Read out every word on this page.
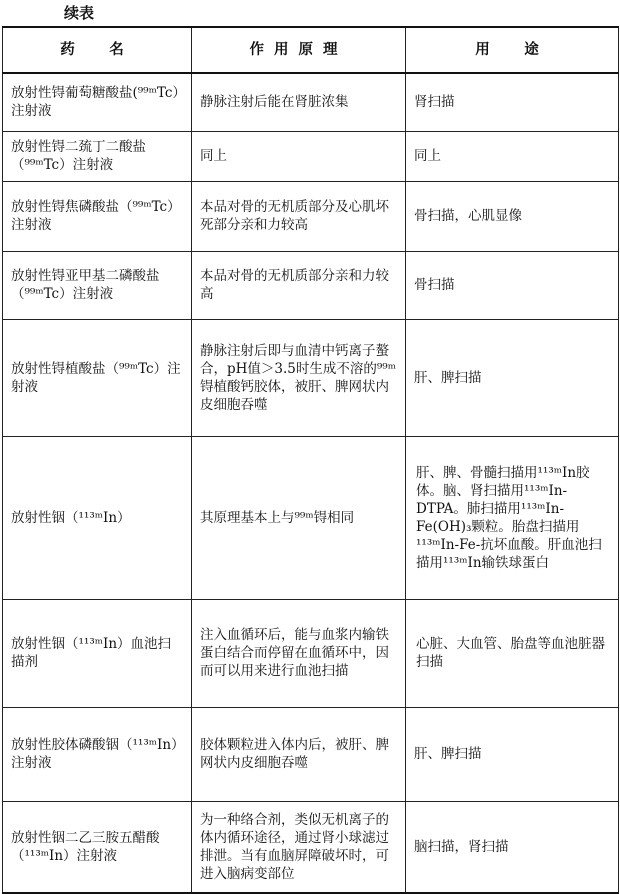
续表
药　名	作用原理	用　途
放射性锝葡萄糖酸盐(⁹⁹ᵐTc）注射液	静脉注射后能在肾脏浓集	肾扫描
放射性锝二巯丁二酸盐（⁹⁹ᵐTc）注射液	同上	同上
放射性锝焦磷酸盐（⁹⁹ᵐTc）注射液	本品对骨的无机质部分及心肌坏死部分亲和力较高	骨扫描，心肌显像
放射性锝亚甲基二磷酸盐（⁹⁹ᵐTc）注射液	本品对骨的无机质部分亲和力较高	骨扫描
放射性锝植酸盐（⁹⁹ᵐTc）注射液	静脉注射后即与血清中钙离子螯合，pH值＞3.5时生成不溶的⁹⁹ᵐ锝植酸钙胶体，被肝、脾网状内皮细胞吞噬	肝、脾扫描
放射性铟（¹¹³ᵐIn）	其原理基本上与⁹⁹ᵐ锝相同	肝、脾、骨髓扫描用¹¹³ᵐIn胶体。脑、肾扫描用¹¹³ᵐIn-DTPA。肺扫描用¹¹³ᵐIn-Fe(OH)₃颗粒。胎盘扫描用¹¹³ᵐIn-Fe-抗坏血酸。肝血池扫描用¹¹³ᵐIn输铁球蛋白
放射性铟（¹¹³ᵐIn）血池扫描剂	注入血循环后，能与血浆内输铁蛋白结合而停留在血循环中，因而可以用来进行血池扫描	心脏、大血管、胎盘等血池脏器扫描
放射性胶体磷酸铟（¹¹³ᵐIn）注射液	胶体颗粒进入体内后，被肝、脾网状内皮细胞吞噬	肝、脾扫描
放射性铟二乙三胺五醋酸（¹¹³ᵐIn）注射液	为一种络合剂，类似无机离子的体内循环途径，通过肾小球滤过排泄。当有血脑屏障破坏时，可进入脑病变部位	脑扫描，肾扫描
